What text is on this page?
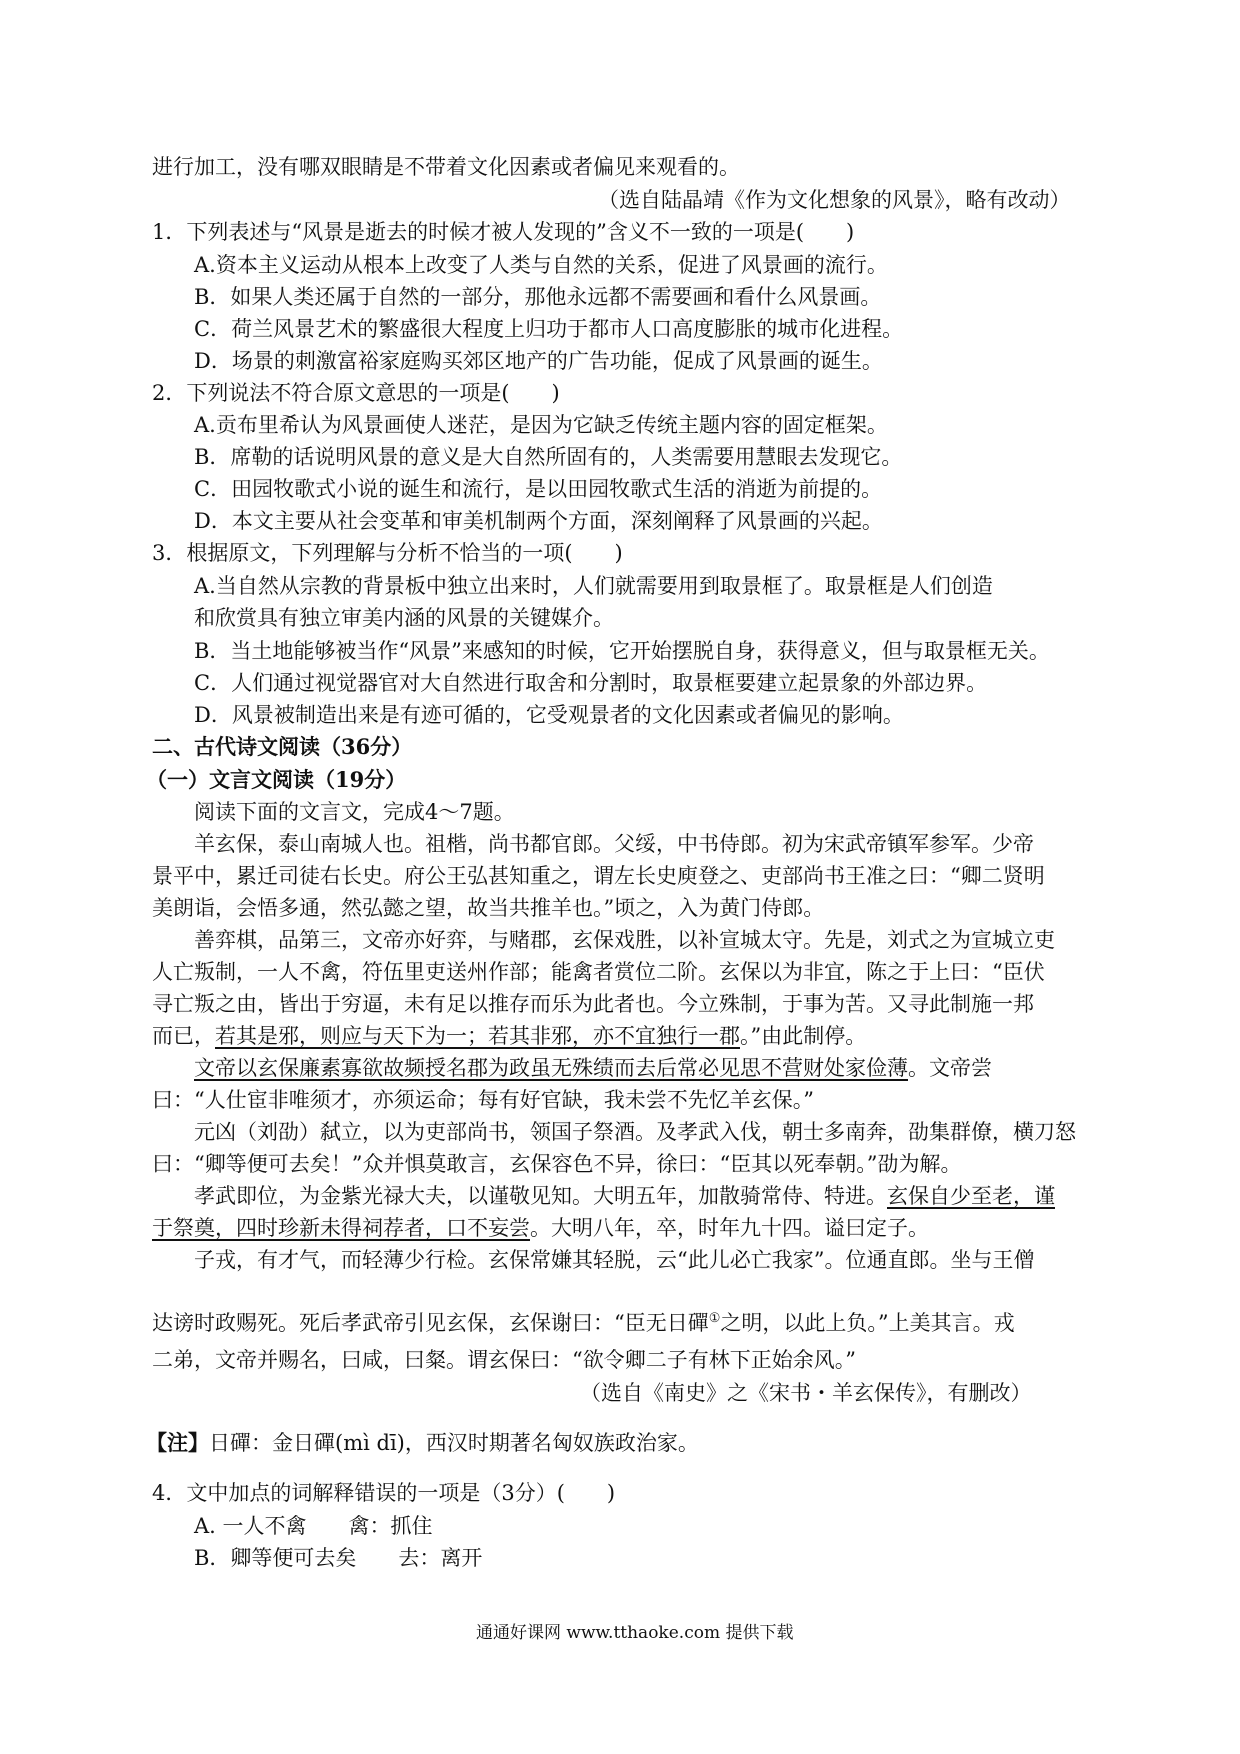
进行加工，没有哪双眼睛是不带着文化因素或者偏见来观看的。
（选自陆晶靖《作为文化想象的风景》，略有改动）
1．下列表述与“风景是逝去的时候才被人发现的”含义不一致的一项是(　　)
A.资本主义运动从根本上改变了人类与自然的关系，促进了风景画的流行。
B．如果人类还属于自然的一部分，那他永远都不需要画和看什么风景画。
C．荷兰风景艺术的繁盛很大程度上归功于都市人口高度膨胀的城市化进程。
D．场景的刺激富裕家庭购买郊区地产的广告功能，促成了风景画的诞生。
2．下列说法不符合原文意思的一项是(　　)
A.贡布里希认为风景画使人迷茫，是因为它缺乏传统主题内容的固定框架。
B．席勒的话说明风景的意义是大自然所固有的，人类需要用慧眼去发现它。
C．田园牧歌式小说的诞生和流行，是以田园牧歌式生活的消逝为前提的。
D．本文主要从社会变革和审美机制两个方面，深刻阐释了风景画的兴起。
3．根据原文，下列理解与分析不恰当的一项(　　)
A.当自然从宗教的背景板中独立出来时，人们就需要用到取景框了。取景框是人们创造
和欣赏具有独立审美内涵的风景的关键媒介。
B．当土地能够被当作“风景”来感知的时候，它开始摆脱自身，获得意义，但与取景框无关。
C．人们通过视觉器官对大自然进行取舍和分割时，取景框要建立起景象的外部边界。
D．风景被制造出来是有迹可循的，它受观景者的文化因素或者偏见的影响。
二、古代诗文阅读（36分）
（一）文言文阅读（19分）
阅读下面的文言文，完成4～7题。
羊玄保，泰山南城人也。祖楷，尚书都官郎。父绥，中书侍郎。初为宋武帝镇军参军。少帝
景平中，累迁司徒右长史。府公王弘甚知重之，谓左长史庾登之、吏部尚书王准之曰：“卿二贤明
美朗诣，会悟多通，然弘懿之望，故当共推羊也。”顷之，入为黄门侍郎。
善弈棋，品第三，文帝亦好弈，与赌郡，玄保戏胜，以补宣城太守。先是，刘式之为宣城立吏
人亡叛制，一人不禽，符伍里吏送州作部；能禽者赏位二阶。玄保以为非宜，陈之于上曰：“臣伏
寻亡叛之由，皆出于穷逼，未有足以推存而乐为此者也。今立殊制，于事为苦。又寻此制施一邦
而已，若其是邪，则应与天下为一；若其非邪，亦不宜独行一郡。”由此制停。
文帝以玄保廉素寡欲故频授名郡为政虽无殊绩而去后常必见思不营财处家俭薄。文帝尝
曰：“人仕宦非唯须才，亦须运命；每有好官缺，我未尝不先忆羊玄保。”
元凶（刘劭）弑立，以为吏部尚书，领国子祭酒。及孝武入伐，朝士多南奔，劭集群僚，横刀怒
曰：“卿等便可去矣！”众并惧莫敢言，玄保容色不异，徐曰：“臣其以死奉朝。”劭为解。
孝武即位，为金紫光禄大夫，以谨敬见知。大明五年，加散骑常侍、特进。玄保自少至老，谨
于祭奠，四时珍新未得祠荐者，口不妄尝。大明八年，卒，时年九十四。谥曰定子。
子戎，有才气，而轻薄少行检。玄保常嫌其轻脱，云“此儿必亡我家”。位通直郎。坐与王僧
达谤时政赐死。死后孝武帝引见玄保，玄保谢曰：“臣无日磾①之明，以此上负。”上美其言。戎
二弟，文帝并赐名，曰咸，曰粲。谓玄保曰：“欲令卿二子有林下正始余风。”
（选自《南史》之《宋书・羊玄保传》，有删改）
【注】日磾：金日磾(mì dī)，西汉时期著名匈奴族政治家。
4．文中加点的词解释错误的一项是（3分）(　　)
A. 一人不禽　　禽：抓住
B．卿等便可去矣　　去：离开
通通好课网 www.tthaoke.com 提供下载
